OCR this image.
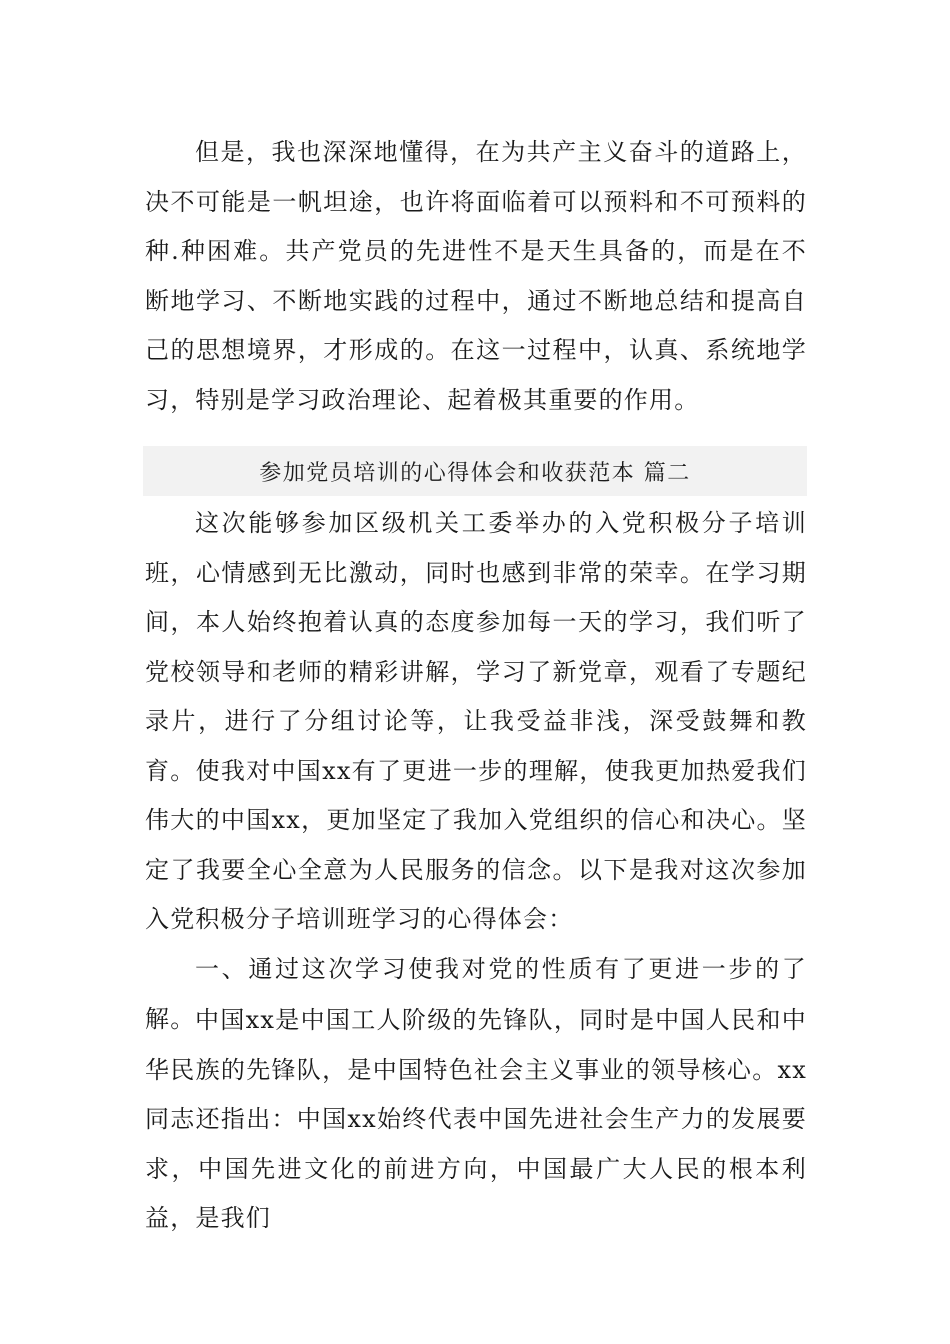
但是，我也深深地懂得，在为共产主义奋斗的道路上，决不可能是一帆坦途，也许将面临着可以预料和不可预料的种.种困难。共产党员的先进性不是天生具备的，而是在不断地学习、不断地实践的过程中，通过不断地总结和提高自己的思想境界，才形成的。在这一过程中，认真、系统地学习，特别是学习政治理论、起着极其重要的作用。

参加党员培训的心得体会和收获范本 篇二

这次能够参加区级机关工委举办的入党积极分子培训班，心情感到无比激动，同时也感到非常的荣幸。在学习期间，本人始终抱着认真的态度参加每一天的学习，我们听了党校领导和老师的精彩讲解，学习了新党章，观看了专题纪录片，进行了分组讨论等，让我受益非浅，深受鼓舞和教育。使我对中国xx有了更进一步的理解，使我更加热爱我们伟大的中国xx，更加坚定了我加入党组织的信心和决心。坚定了我要全心全意为人民服务的信念。以下是我对这次参加入党积极分子培训班学习的心得体会：

一、通过这次学习使我对党的性质有了更进一步的了解。 中国xx是中国工人阶级的先锋队，同时是中国人民和中华民族的先锋队，是中国特色社会主义事业的领导核心。xx同志还指出：中国xx始终代表中国先进社会生产力的发展要求，中国先进文化的前进方向，中国最广大人民的根本利益，是我们
